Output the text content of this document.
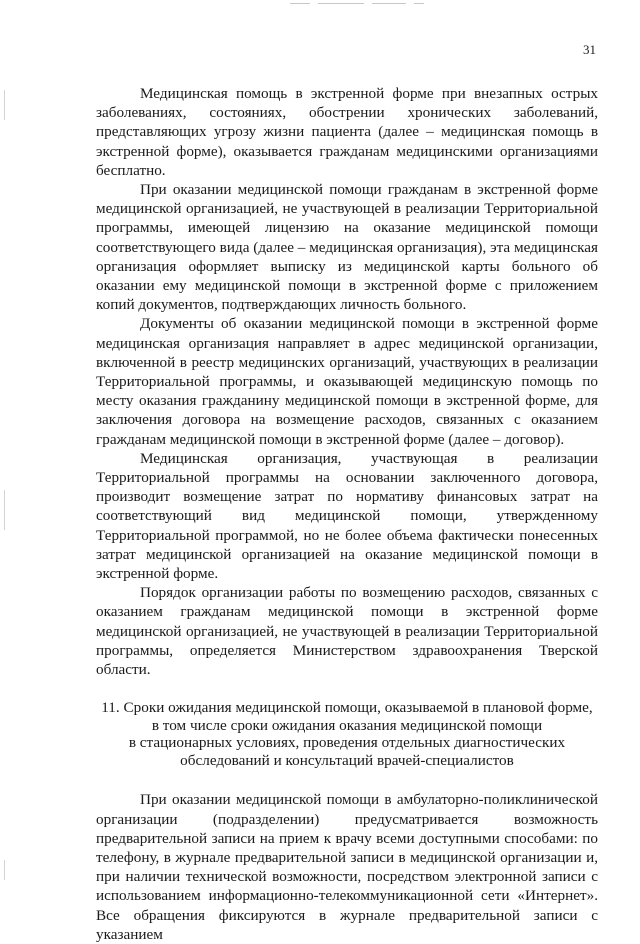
31

Медицинская помощь в экстренной форме при внезапных острых заболеваниях, состояниях, обострении хронических заболеваний, представляющих угрозу жизни пациента (далее – медицинская помощь в экстренной форме), оказывается гражданам медицинскими организациями бесплатно.

При оказании медицинской помощи гражданам в экстренной форме медицинской организацией, не участвующей в реализации Территориальной программы, имеющей лицензию на оказание медицинской помощи соответствующего вида (далее – медицинская организация), эта медицинская организация оформляет выписку из медицинской карты больного об оказании ему медицинской помощи в экстренной форме с приложением копий документов, подтверждающих личность больного.

Документы об оказании медицинской помощи в экстренной форме медицинская организация направляет в адрес медицинской организации, включенной в реестр медицинских организаций, участвующих в реализации Территориальной программы, и оказывающей медицинскую помощь по месту оказания гражданину медицинской помощи в экстренной форме, для заключения договора на возмещение расходов, связанных с оказанием гражданам медицинской помощи в экстренной форме (далее – договор).

Медицинская организация, участвующая в реализации Территориальной программы на основании заключенного договора, производит возмещение затрат по нормативу финансовых затрат на соответствующий вид медицинской помощи, утвержденному Территориальной программой, но не более объема фактически понесенных затрат медицинской организацией на оказание медицинской помощи в экстренной форме.

Порядок организации работы по возмещению расходов, связанных с оказанием гражданам медицинской помощи в экстренной форме медицинской организацией, не участвующей в реализации Территориальной программы, определяется Министерством здравоохранения Тверской области.

11. Сроки ожидания медицинской помощи, оказываемой в плановой форме,
в том числе сроки ожидания оказания медицинской помощи
в стационарных условиях, проведения отдельных диагностических
обследований и консультаций врачей-специалистов

При оказании медицинской помощи в амбулаторно-поликлинической организации (подразделении) предусматривается возможность предварительной записи на прием к врачу всеми доступными способами: по телефону, в журнале предварительной записи в медицинской организации и, при наличии технической возможности, посредством электронной записи с использованием информационно-телекоммуникационной сети «Интернет». Все обращения фиксируются в журнале предварительной записи с указанием
